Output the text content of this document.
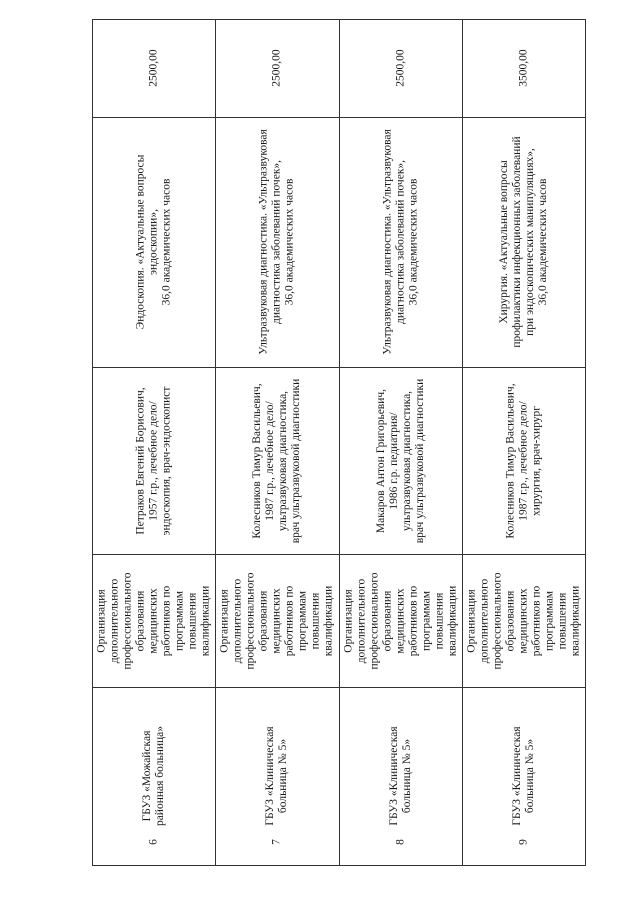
2500,00
Эндоскопия. «Актуальные вопросы эндоскопии», 36,0 академических часов
Петраков Евгений Борисович, 1957 г.р., лечебное дело/ эндоскопия, врач-эндоскопист
Организация дополнительного профессионального образования медицинских работников по программам повышения квалификации
ГБУЗ «Можайская районная больница»
6
2500,00
Ультразвуковая диагностика. «Ультразвуковая диагностика заболеваний почек», 36,0 академических часов
Колесников Тимур Васильевич, 1987 г.р., лечебное дело/ ультразвуковая диагностика, врач ультразвуковой диагностики
Организация дополнительного профессионального образования медицинских работников по программам повышения квалификации
ГБУЗ «Клиническая больница № 5»
7
2500,00
Ультразвуковая диагностика. «Ультразвуковая диагностика заболеваний почек», 36,0 академических часов
Макаров Антон Григорьевич, 1986 г.р. педиатрия/ ультразвуковая диагностика, врач ультразвуковой диагностики
Организация дополнительного профессионального образования медицинских работников по программам повышения квалификации
ГБУЗ «Клиническая больница № 5»
8
3500,00
Хирургия. «Актуальные вопросы профилактики инфекционных заболеваний при эндоскопических манипуляциях», 36,0 академических часов
Колесников Тимур Васильевич, 1987 г.р., лечебное дело/ хирургия, врач-хирург
Организация дополнительного профессионального образования медицинских работников по программам повышения квалификации
ГБУЗ «Клиническая больница № 5»
9
